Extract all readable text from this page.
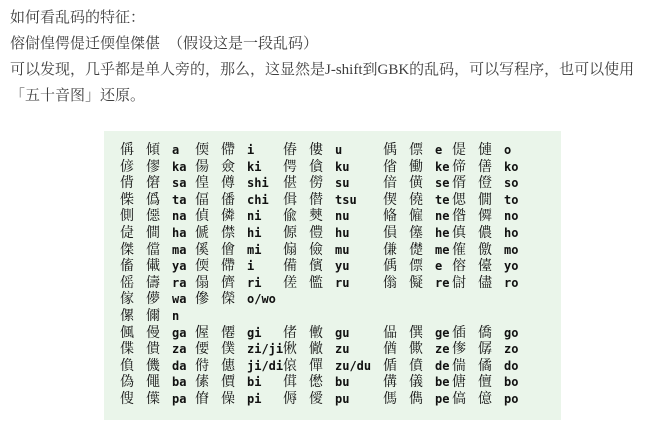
如何看乱码的特征：

傛傠偟偔偍迁偄偟傑偡 （假设这是一段乱码）

可以发现，几乎都是单人旁的，那么，这显然是J-shift到GBK的乱码，可以写程序，也可以使用

「五十音图」还原。

偁 傾 a 偄 僀 i 偆 僂 u	偊 僄 e 偍 僆 o
偐 僇 ka 偒 僉 ki 偔 僋 ku 偗 働 ke 偙 僐 ko
偝 僒 sa 偟 僔 shi 偡 僗 su 偣 僙 se 偦 僜 so
偨 僞 ta 偪 僠 chi 偮 僣 tsu 偰 僥 te 偲 僩 to
側 僫 na 偵 僯 ni 偸 僰 nu 偹 僱 ne 偺 僲 no
偼 僴 ha 傂 僸 hi 傆 僼 hu 傊 僿 he 傎 儂 ho
傑 儅 ma 傒 儈 mi 傓 儉 mu 傔 儊 me 傕 儌 mo
傗 儎 ya 偄 僀 i 備 儐 yu 偊 僄 e 傛 儓 yo
傜 儔 ra 傝 儕 ri 傞 儖 ru 傟 儗 re 傠 儘 ro
傢 儚 wa 傪 儝 o/wo
傫 儞 n
偑 僈 ga 偓 僊 gi 偖 僌 gu 偘 僎 ge 偛 僑 go
偞 僓 za 偠 僕 zi/ji 偢 僘 zu 偤 僛 ze 偧 僝 zo
偩 僟 da 偫 僡 ji/di 偯 僤 zu/du 偱 僨 de 偳 僪 do
偽 僶 ba 傃 價 bi 傇 僽 bu 傋 儀 be 傏 儃 bo
傁 僷 pa 傄 僺 pi 傉 僾 pu 傌 儁 pe 傐 億 po
